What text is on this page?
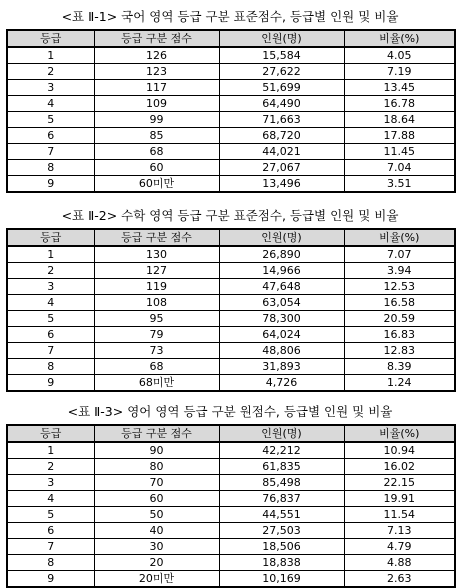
<표 Ⅱ-1> 국어 영역 등급 구분 표준점수, 등급별 인원 및 비율
등급	등급 구분 점수	인원(명)	비율(%)
1	126	15,584	4.05
2	123	27,622	7.19
3	117	51,699	13.45
4	109	64,490	16.78
5	99	71,663	18.64
6	85	68,720	17.88
7	68	44,021	11.45
8	60	27,067	7.04
9	60미만	13,496	3.51
<표 Ⅱ-2> 수학 영역 등급 구분 표준점수, 등급별 인원 및 비율
등급	등급 구분 점수	인원(명)	비율(%)
1	130	26,890	7.07
2	127	14,966	3.94
3	119	47,648	12.53
4	108	63,054	16.58
5	95	78,300	20.59
6	79	64,024	16.83
7	73	48,806	12.83
8	68	31,893	8.39
9	68미만	4,726	1.24
<표 Ⅱ-3> 영어 영역 등급 구분 원점수, 등급별 인원 및 비율
등급	등급 구분 점수	인원(명)	비율(%)
1	90	42,212	10.94
2	80	61,835	16.02
3	70	85,498	22.15
4	60	76,837	19.91
5	50	44,551	11.54
6	40	27,503	7.13
7	30	18,506	4.79
8	20	18,838	4.88
9	20미만	10,169	2.63
